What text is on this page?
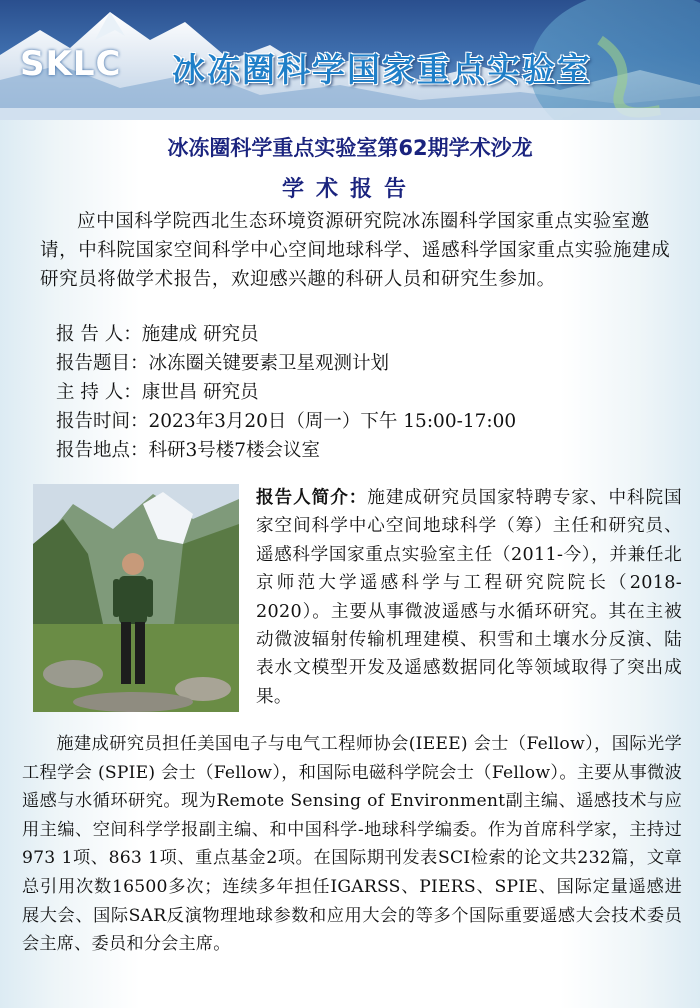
SKLC 冰冻圈科学国家重点实验室
冰冻圈科学重点实验室第62期学术沙龙
学术报告
应中国科学院西北生态环境资源研究院冰冻圈科学国家重点实验室邀请，中科院国家空间科学中心空间地球科学、遥感科学国家重点实验施建成研究员将做学术报告，欢迎感兴趣的科研人员和研究生参加。
报 告 人：施建成 研究员
报告题目：冰冻圈关键要素卫星观测计划
主 持 人：康世昌 研究员
报告时间：2023年3月20日（周一）下午 15:00-17:00
报告地点：科研3号楼7楼会议室
报告人简介：施建成研究员国家特聘专家、中科院国家空间科学中心空间地球科学（筹）主任和研究员、遥感科学国家重点实验室主任（2011-今），并兼任北京师范大学遥感科学与工程研究院院长（2018-2020）。主要从事微波遥感与水循环研究。其在主被动微波辐射传输机理建模、积雪和土壤水分反演、陆表水文模型开发及遥感数据同化等领域取得了突出成果。
施建成研究员担任美国电子与电气工程师协会(IEEE) 会士（Fellow），国际光学工程学会 (SPIE) 会士（Fellow），和国际电磁科学院会士（Fellow）。主要从事微波遥感与水循环研究。现为Remote Sensing of Environment副主编、遥感技术与应用主编、空间科学学报副主编、和中国科学-地球科学编委。作为首席科学家，主持过973 1项、863 1项、重点基金2项。在国际期刊发表SCI检索的论文共232篇，文章总引用次数16500多次；连续多年担任IGARSS、PIERS、SPIE、国际定量遥感进展大会、国际SAR反演物理地球参数和应用大会的等多个国际重要遥感大会技术委员会主席、委员和分会主席。
